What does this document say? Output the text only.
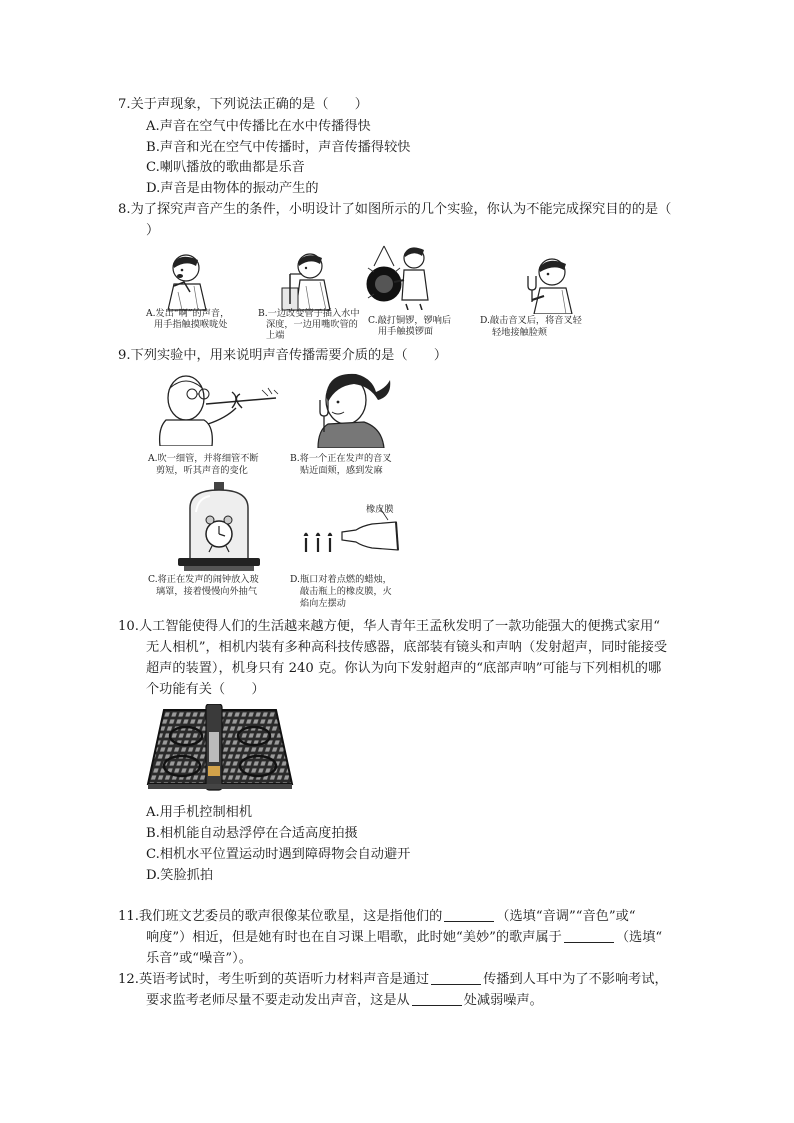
7.关于声现象，下列说法正确的是（　　）
A.声音在空气中传播比在水中传播得快
B.声音和光在空气中传播时，声音传播得较快
C.喇叭播放的歌曲都是乐音
D.声音是由物体的振动产生的
8.为了探究声音产生的条件，小明设计了如图所示的几个实验，你认为不能完成探究目的的是（
）
A.发出“啊”的声音，
用手指触摸喉咙处
B.一边改变管子插入水中
深度，一边用嘴吹管的
上端
C.敲打铜锣，锣响后
用手触摸锣面
D.敲击音叉后，将音叉轻
轻地接触脸颊
9.下列实验中，用来说明声音传播需要介质的是（　　）
A.吹一细管，并将细管不断
剪短，听其声音的变化
B.将一个正在发声的音叉
贴近面颊，感到发麻
C.将正在发声的闹钟放入玻
璃罩，接着慢慢向外抽气
橡皮膜
D.瓶口对着点燃的蜡烛，
敲击瓶上的橡皮膜，火
焰向左摆动
10.人工智能使得人们的生活越来越方便，华人青年王孟秋发明了一款功能强大的便携式家用“
无人相机”，相机内装有多种高科技传感器，底部装有镜头和声呐（发射超声，同时能接受
超声的装置），机身只有 240 克。你认为向下发射超声的“底部声呐”可能与下列相机的哪
个功能有关（　　）
A.用手机控制相机
B.相机能自动悬浮停在合适高度拍摄
C.相机水平位置运动时遇到障碍物会自动避开
D.笑脸抓拍
11.我们班文艺委员的歌声很像某位歌星，这是指他们的	（选填“音调”“音色”或“
响度”）相近，但是她有时也在自习课上唱歌，此时她“美妙”的歌声属于	（选填“
乐音”或“噪音”）。
12.英语考试时，考生听到的英语听力材料声音是通过	传播到人耳中为了不影响考试，
要求监考老师尽量不要走动发出声音，这是从	处减弱噪声。
